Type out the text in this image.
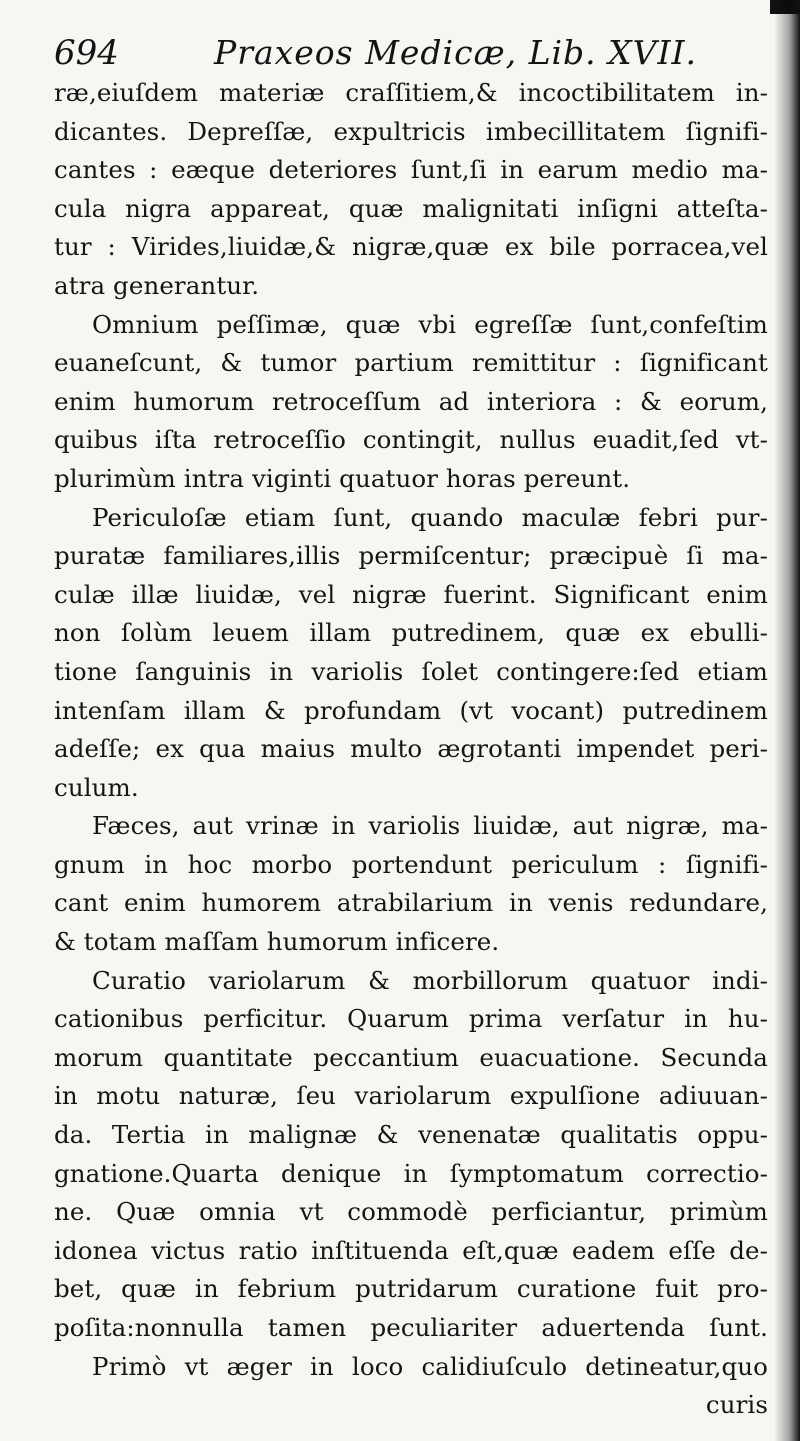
694	Praxeos Medicæ, Lib. XVII.
ræ,eiuſdem materiæ craſſitiem,& incoctibilitatem in-
dicantes. Depreſſæ, expultricis imbecillitatem ſignifi-
cantes : eæque deteriores ſunt,ſi in earum medio ma-
cula nigra appareat, quæ malignitati inſigni atteſta-
tur : Virides,liuidæ,& nigræ,quæ ex bile porracea,vel
atra generantur.
Omnium peſſimæ, quæ vbi egreſſæ ſunt,confeſtim
euaneſcunt, & tumor partium remittitur : ſignificant
enim humorum retroceſſum ad interiora : & eorum,
quibus iſta retroceſſio contingit, nullus euadit,ſed vt-
plurimùm intra viginti quatuor horas pereunt.
Periculoſæ etiam ſunt, quando maculæ febri pur-
puratæ familiares,illis permiſcentur; præcipuè ſi ma-
culæ illæ liuidæ, vel nigræ fuerint. Significant enim
non ſolùm leuem illam putredinem, quæ ex ebulli-
tione ſanguinis in variolis ſolet contingere:ſed etiam
intenſam illam & profundam (vt vocant) putredinem
adeſſe; ex qua maius multo ægrotanti impendet peri-
culum.
Fæces, aut vrinæ in variolis liuidæ, aut nigræ, ma-
gnum in hoc morbo portendunt periculum : ſignifi-
cant enim humorem atrabilarium in venis redundare,
& totam maſſam humorum inficere.
Curatio variolarum & morbillorum quatuor indi-
cationibus perficitur. Quarum prima verſatur in hu-
morum quantitate peccantium euacuatione. Secunda
in motu naturæ, ſeu variolarum expulſione adiuuan-
da. Tertia in malignæ & venenatæ qualitatis oppu-
gnatione.Quarta denique in ſymptomatum correctio-
ne. Quæ omnia vt commodè perficiantur, primùm
idonea victus ratio inſtituenda eſt,quæ eadem eſſe de-
bet, quæ in febrium putridarum curatione fuit pro-
poſita:nonnulla tamen peculiariter aduertenda ſunt.
Primò vt æger in loco calidiuſculo detineatur,quo
curis
